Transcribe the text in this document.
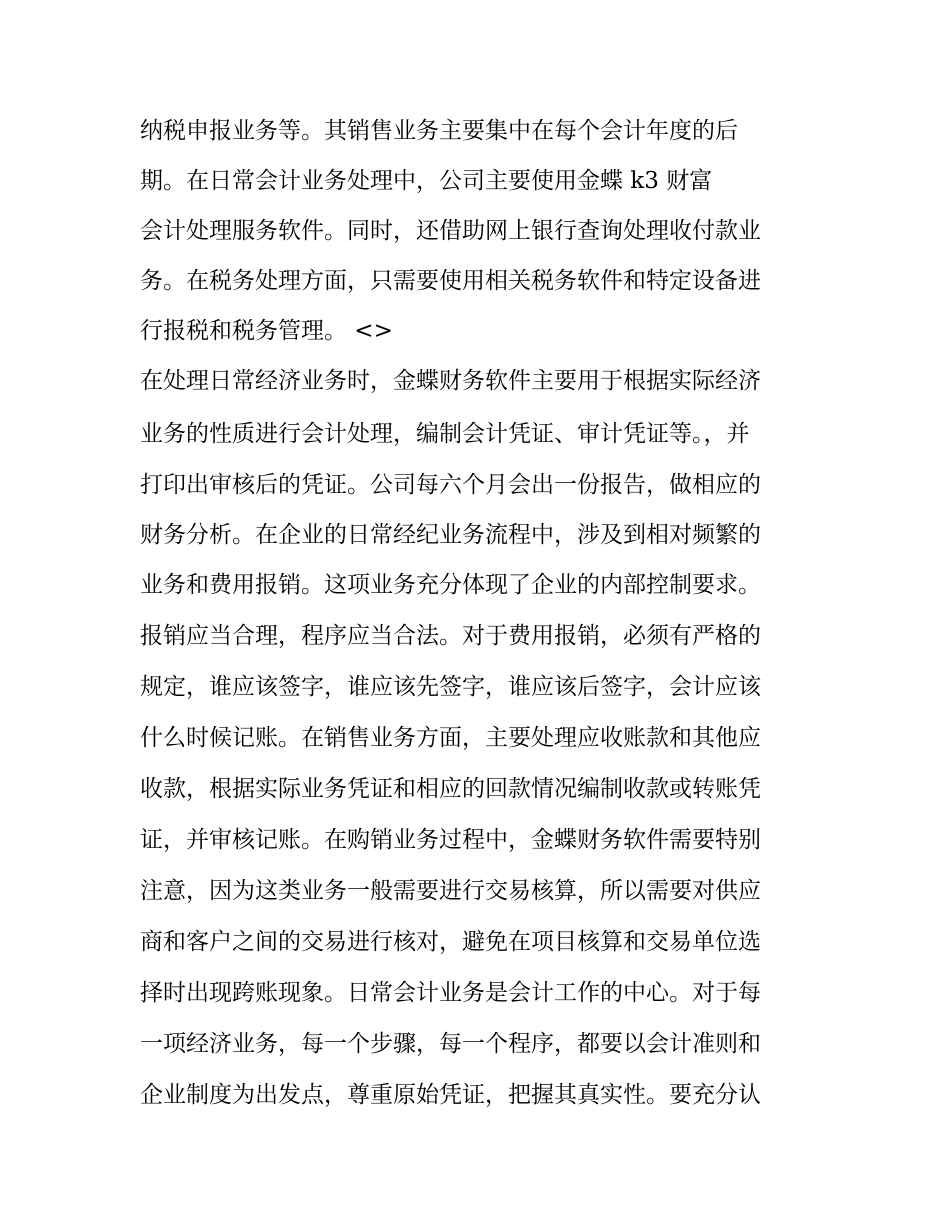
纳税申报业务等。其销售业务主要集中在每个会计年度的后
期。在日常会计业务处理中，公司主要使用金蝶 k3 财富
会计处理服务软件。同时，还借助网上银行查询处理收付款业
务。在税务处理方面，只需要使用相关税务软件和特定设备进
行报税和税务管理。 <>
在处理日常经济业务时，金蝶财务软件主要用于根据实际经济
业务的性质进行会计处理，编制会计凭证、审计凭证等。，并
打印出审核后的凭证。公司每六个月会出一份报告，做相应的
财务分析。在企业的日常经纪业务流程中，涉及到相对频繁的
业务和费用报销。这项业务充分体现了企业的内部控制要求。
报销应当合理，程序应当合法。对于费用报销，必须有严格的
规定，谁应该签字，谁应该先签字，谁应该后签字，会计应该
什么时候记账。在销售业务方面，主要处理应收账款和其他应
收款，根据实际业务凭证和相应的回款情况编制收款或转账凭
证，并审核记账。在购销业务过程中，金蝶财务软件需要特别
注意，因为这类业务一般需要进行交易核算，所以需要对供应
商和客户之间的交易进行核对，避免在项目核算和交易单位选
择时出现跨账现象。日常会计业务是会计工作的中心。对于每
一项经济业务，每一个步骤，每一个程序，都要以会计准则和
企业制度为出发点，尊重原始凭证，把握其真实性。要充分认
